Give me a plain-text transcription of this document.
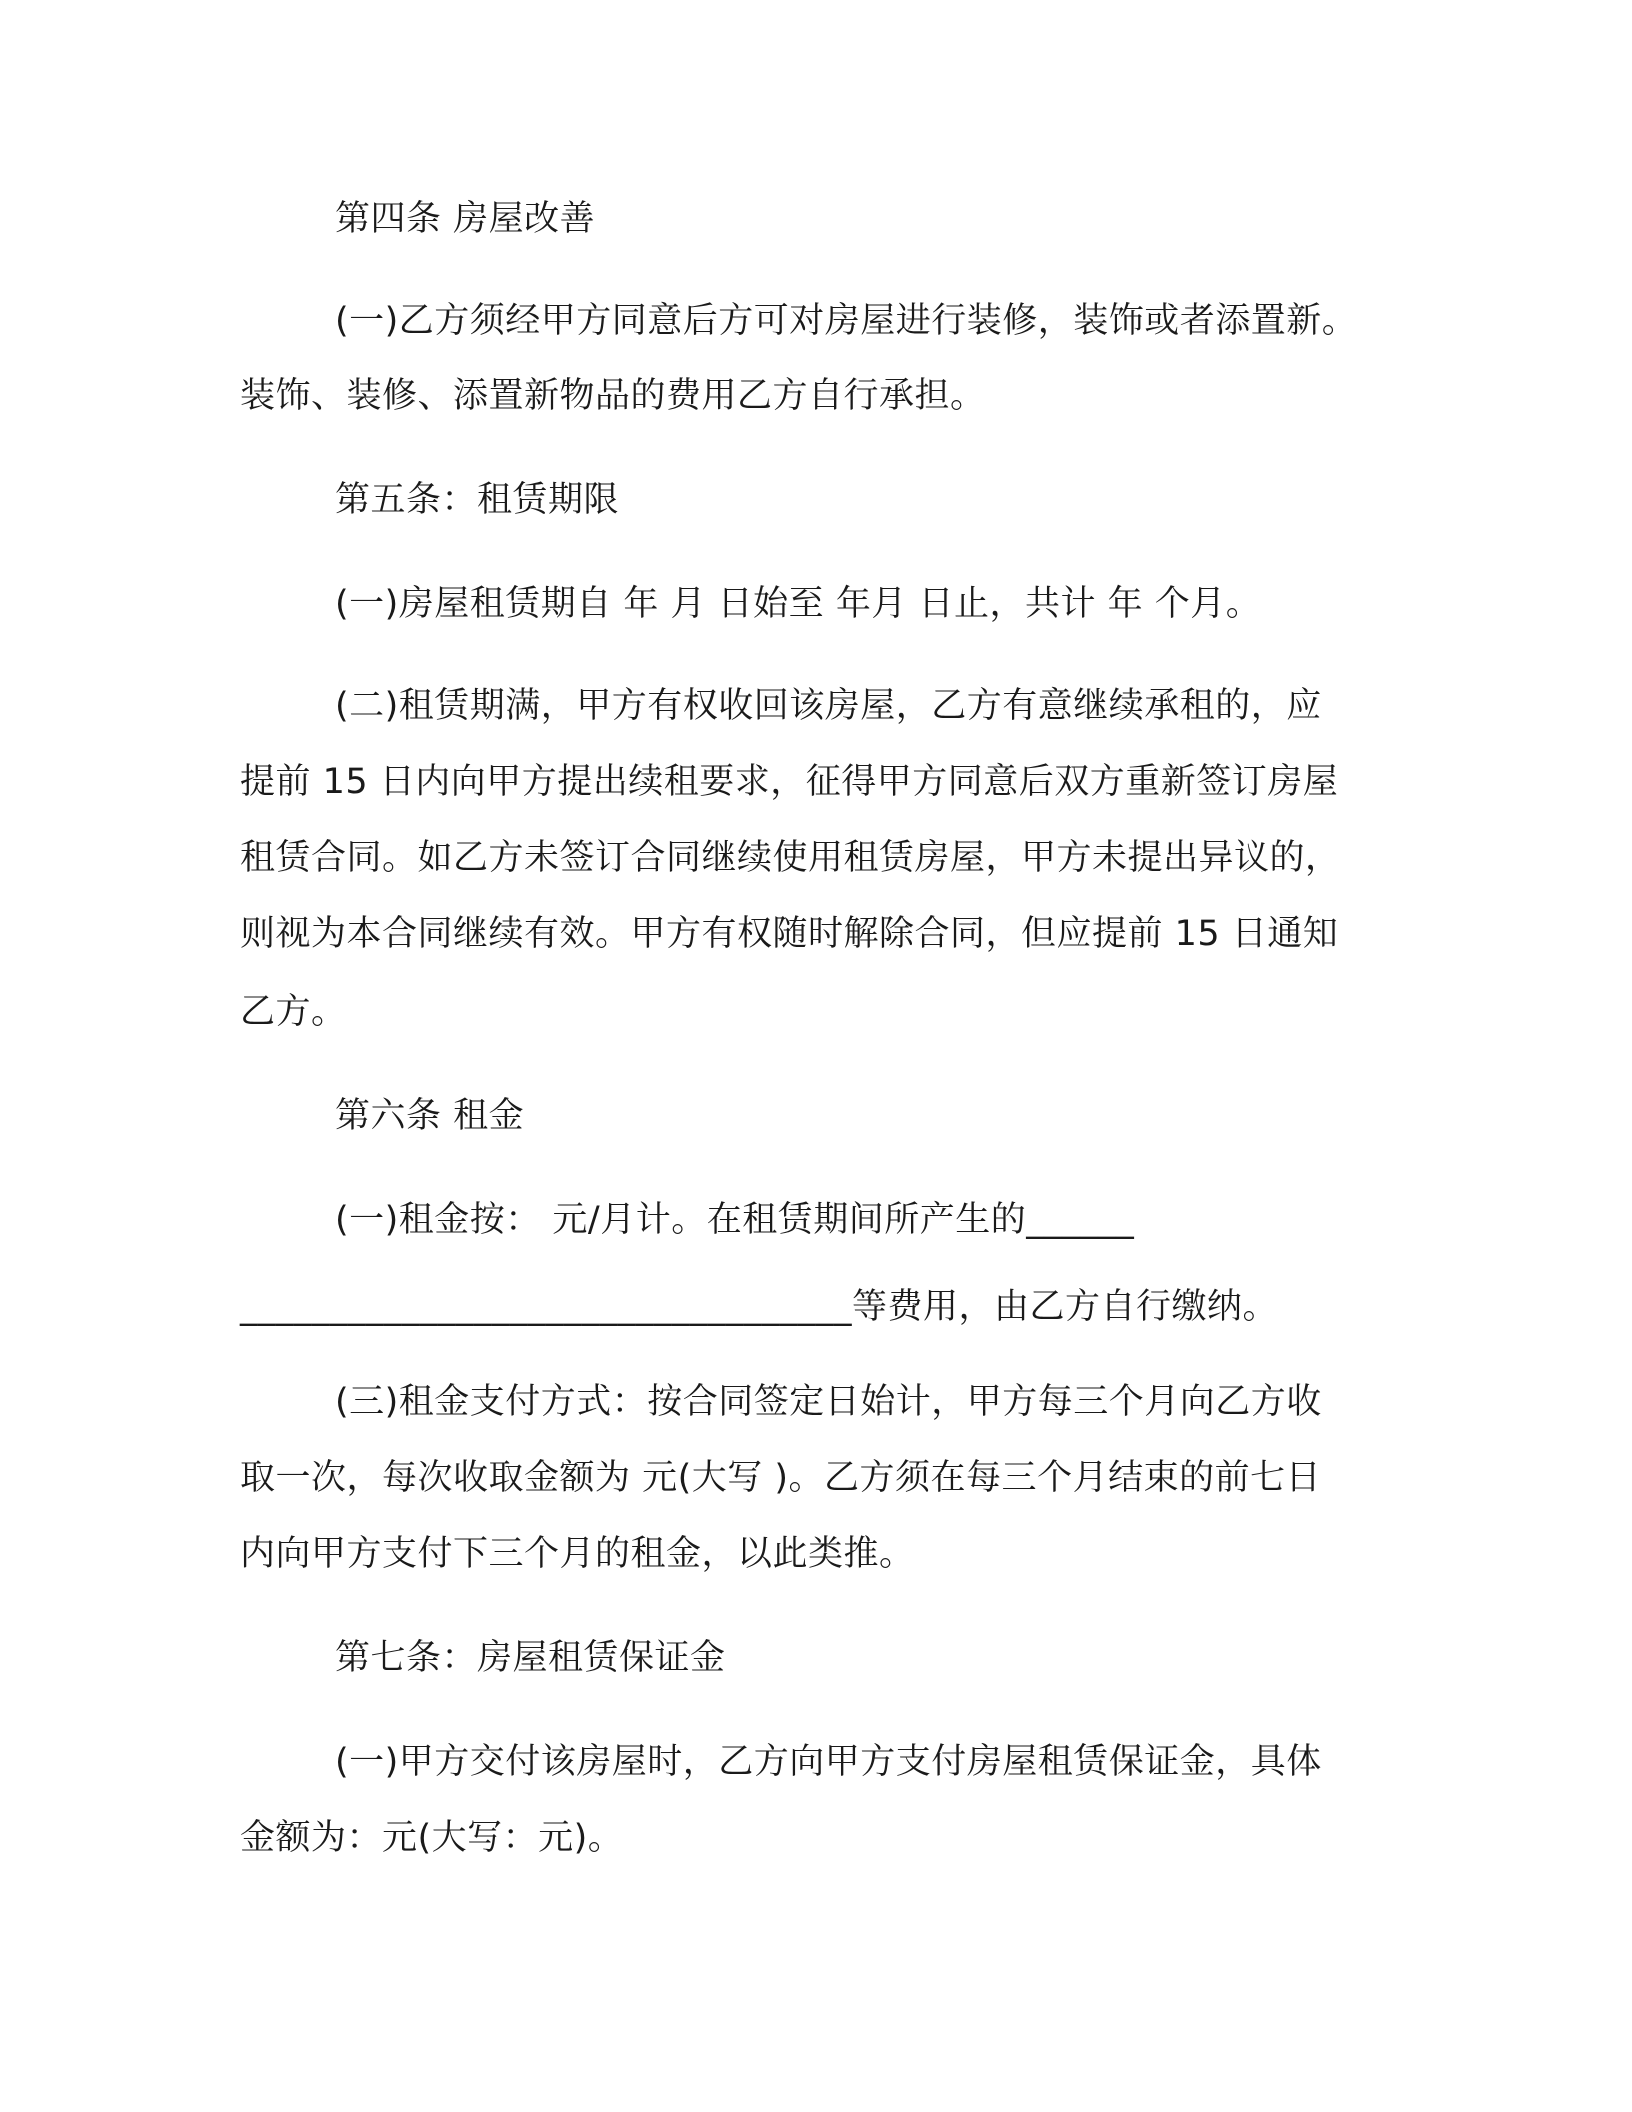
第四条 房屋改善
(一)乙方须经甲方同意后方可对房屋进行装修，装饰或者添置新。
装饰、装修、添置新物品的费用乙方自行承担。
第五条：租赁期限
(一)房屋租赁期自 年 月 日始至 年月 日止，共计 年 个月。
(二)租赁期满，甲方有权收回该房屋，乙方有意继续承租的，应
提前 15 日内向甲方提出续租要求，征得甲方同意后双方重新签订房屋
租赁合同。如乙方未签订合同继续使用租赁房屋，甲方未提出异议的，
则视为本合同继续有效。甲方有权随时解除合同，但应提前 15 日通知
乙方。
第六条 租金
(一)租金按： 元/月计。在租赁期间所产生的______
__________________________________等费用，由乙方自行缴纳。
(三)租金支付方式：按合同签定日始计，甲方每三个月向乙方收
取一次，每次收取金额为 元(大写 )。乙方须在每三个月结束的前七日
内向甲方支付下三个月的租金，以此类推。
第七条：房屋租赁保证金
(一)甲方交付该房屋时，乙方向甲方支付房屋租赁保证金，具体
金额为：元(大写：元)。
